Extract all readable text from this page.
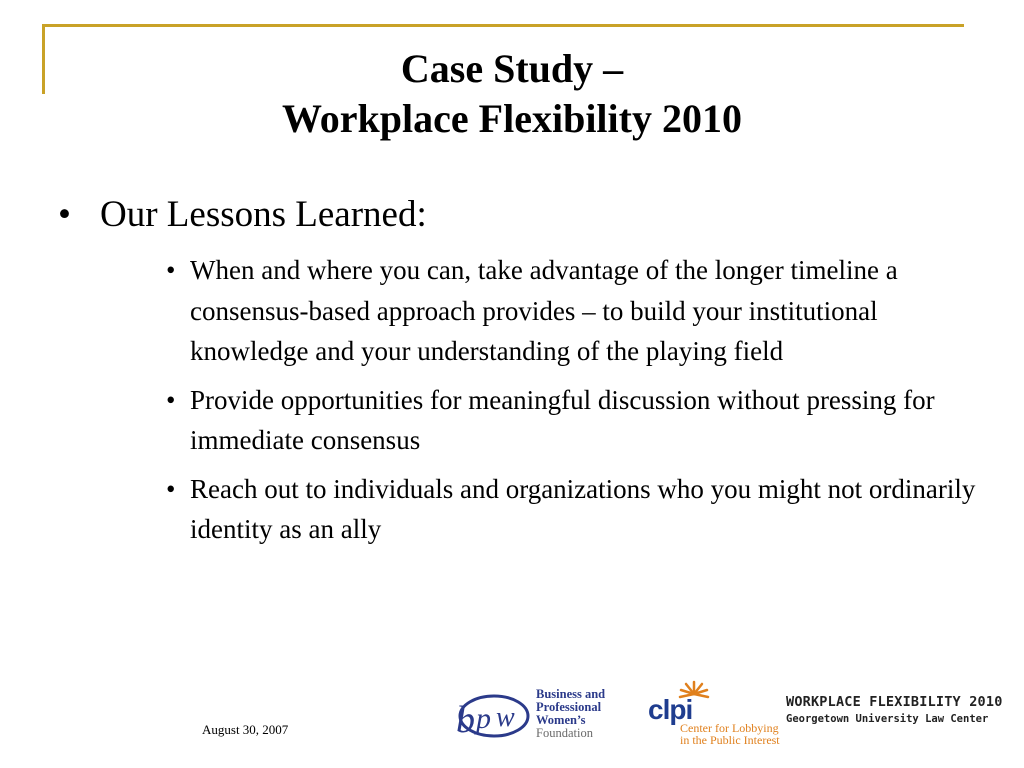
Case Study –
Workplace Flexibility 2010
• Our Lessons Learned:
• When and where you can, take advantage of the longer timeline a consensus-based approach provides – to build your institutional knowledge and your understanding of the playing field
• Provide opportunities for meaningful discussion without pressing for immediate consensus
• Reach out to individuals and organizations who you might not ordinarily identity as an ally
August 30, 2007	b p w
Business and
Professional
Women’s
Foundation
clpi
Center for Lobbying
in the Public Interest
WORKPLACE FLEXIBILITY 2010
Georgetown University Law Center
